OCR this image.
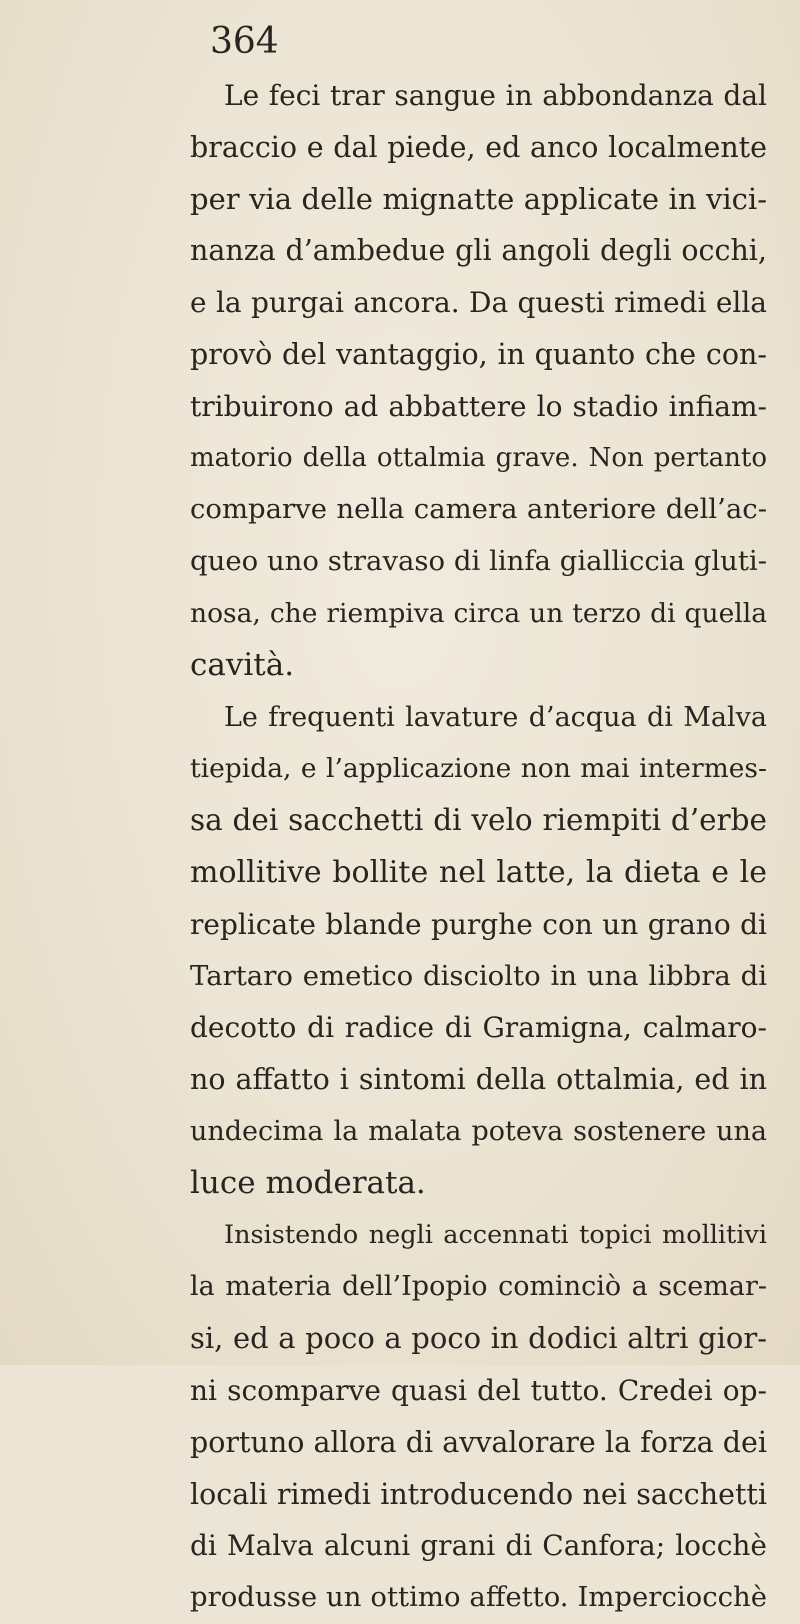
364

Le feci trar sangue in abbondanza dal
braccio e dal piede, ed anco localmente
per via delle mignatte applicate in vici-
nanza d’ambedue gli angoli degli occhi,
e la purgai ancora. Da questi rimedi ella
provò del vantaggio, in quanto che con-
tribuirono ad abbattere lo stadio infiam-
matorio della ottalmia grave. Non pertanto
comparve nella camera anteriore dell’ac-
queo uno stravaso di linfa gialliccia gluti-
nosa, che riempiva circa un terzo di quella
cavità.
Le frequenti lavature d’acqua di Malva
tiepida, e l’applicazione non mai intermes-
sa dei sacchetti di velo riempiti d’erbe
mollitive bollite nel latte, la dieta e le
replicate blande purghe con un grano di
Tartaro emetico disciolto in una libbra di
decotto di radice di Gramigna, calmaro-
no affatto i sintomi della ottalmia, ed in
undecima la malata poteva sostenere una
luce moderata.
Insistendo negli accennati topici mollitivi
la materia dell’Ipopio cominciò a scemar-
si, ed a poco a poco in dodici altri gior-
ni scomparve quasi del tutto. Credei op-
portuno allora di avvalorare la forza dei
locali rimedi introducendo nei sacchetti
di Malva alcuni grani di Canfora; locchè
produsse un ottimo affetto. Imperciocchè
